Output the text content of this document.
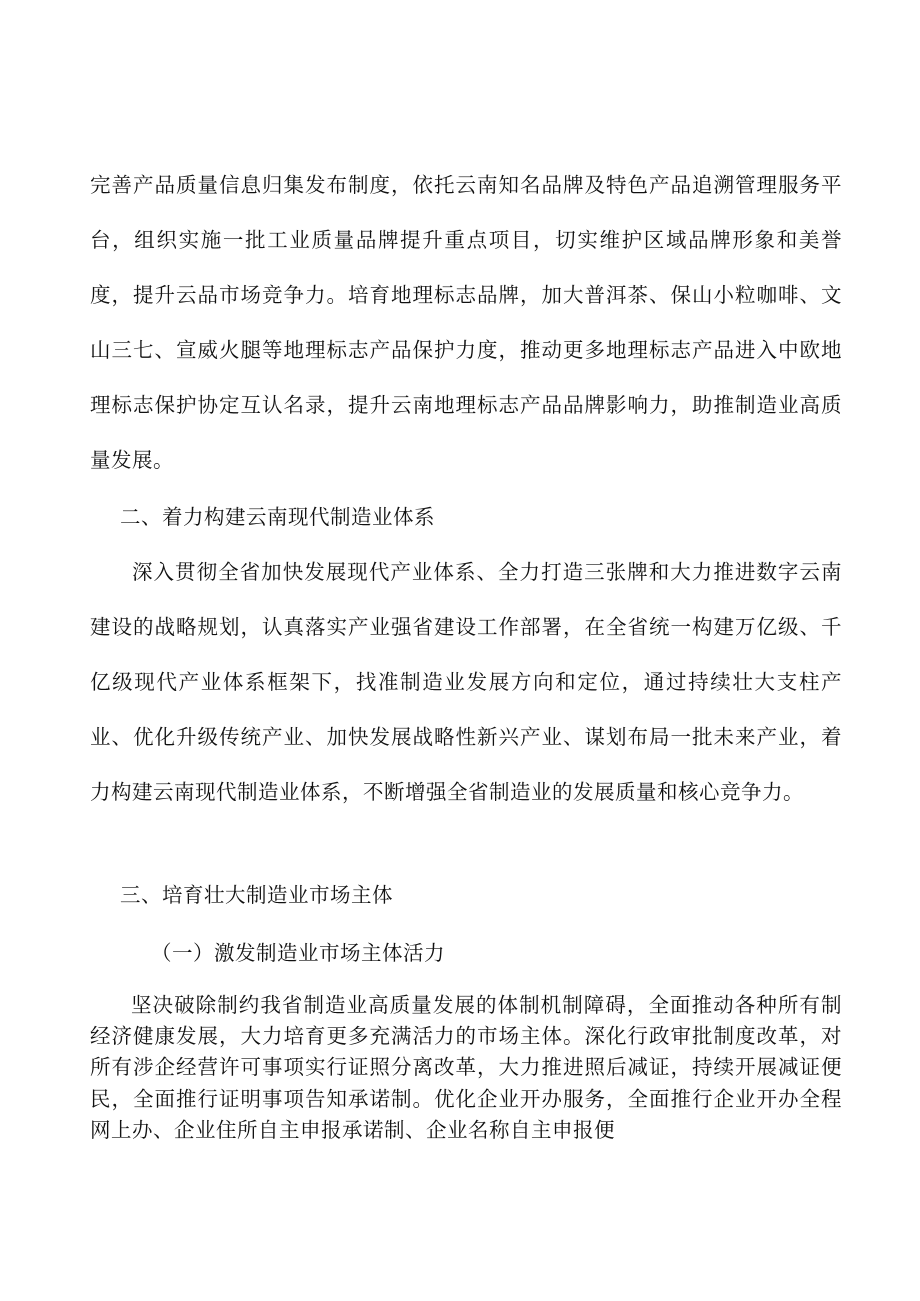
完善产品质量信息归集发布制度，依托云南知名品牌及特色产品追溯管理服务平台，组织实施一批工业质量品牌提升重点项目，切实维护区域品牌形象和美誉度，提升云品市场竞争力。培育地理标志品牌，加大普洱茶、保山小粒咖啡、文山三七、宣威火腿等地理标志产品保护力度，推动更多地理标志产品进入中欧地理标志保护协定互认名录，提升云南地理标志产品品牌影响力，助推制造业高质量发展。

二、着力构建云南现代制造业体系

深入贯彻全省加快发展现代产业体系、全力打造三张牌和大力推进数字云南建设的战略规划，认真落实产业强省建设工作部署，在全省统一构建万亿级、千亿级现代产业体系框架下，找准制造业发展方向和定位，通过持续壮大支柱产业、优化升级传统产业、加快发展战略性新兴产业、谋划布局一批未来产业，着力构建云南现代制造业体系，不断增强全省制造业的发展质量和核心竞争力。

三、培育壮大制造业市场主体

（一）激发制造业市场主体活力

坚决破除制约我省制造业高质量发展的体制机制障碍，全面推动各种所有制经济健康发展，大力培育更多充满活力的市场主体。深化行政审批制度改革，对所有涉企经营许可事项实行证照分离改革，大力推进照后减证，持续开展减证便民，全面推行证明事项告知承诺制。优化企业开办服务，全面推行企业开办全程网上办、企业住所自主申报承诺制、企业名称自主申报便
